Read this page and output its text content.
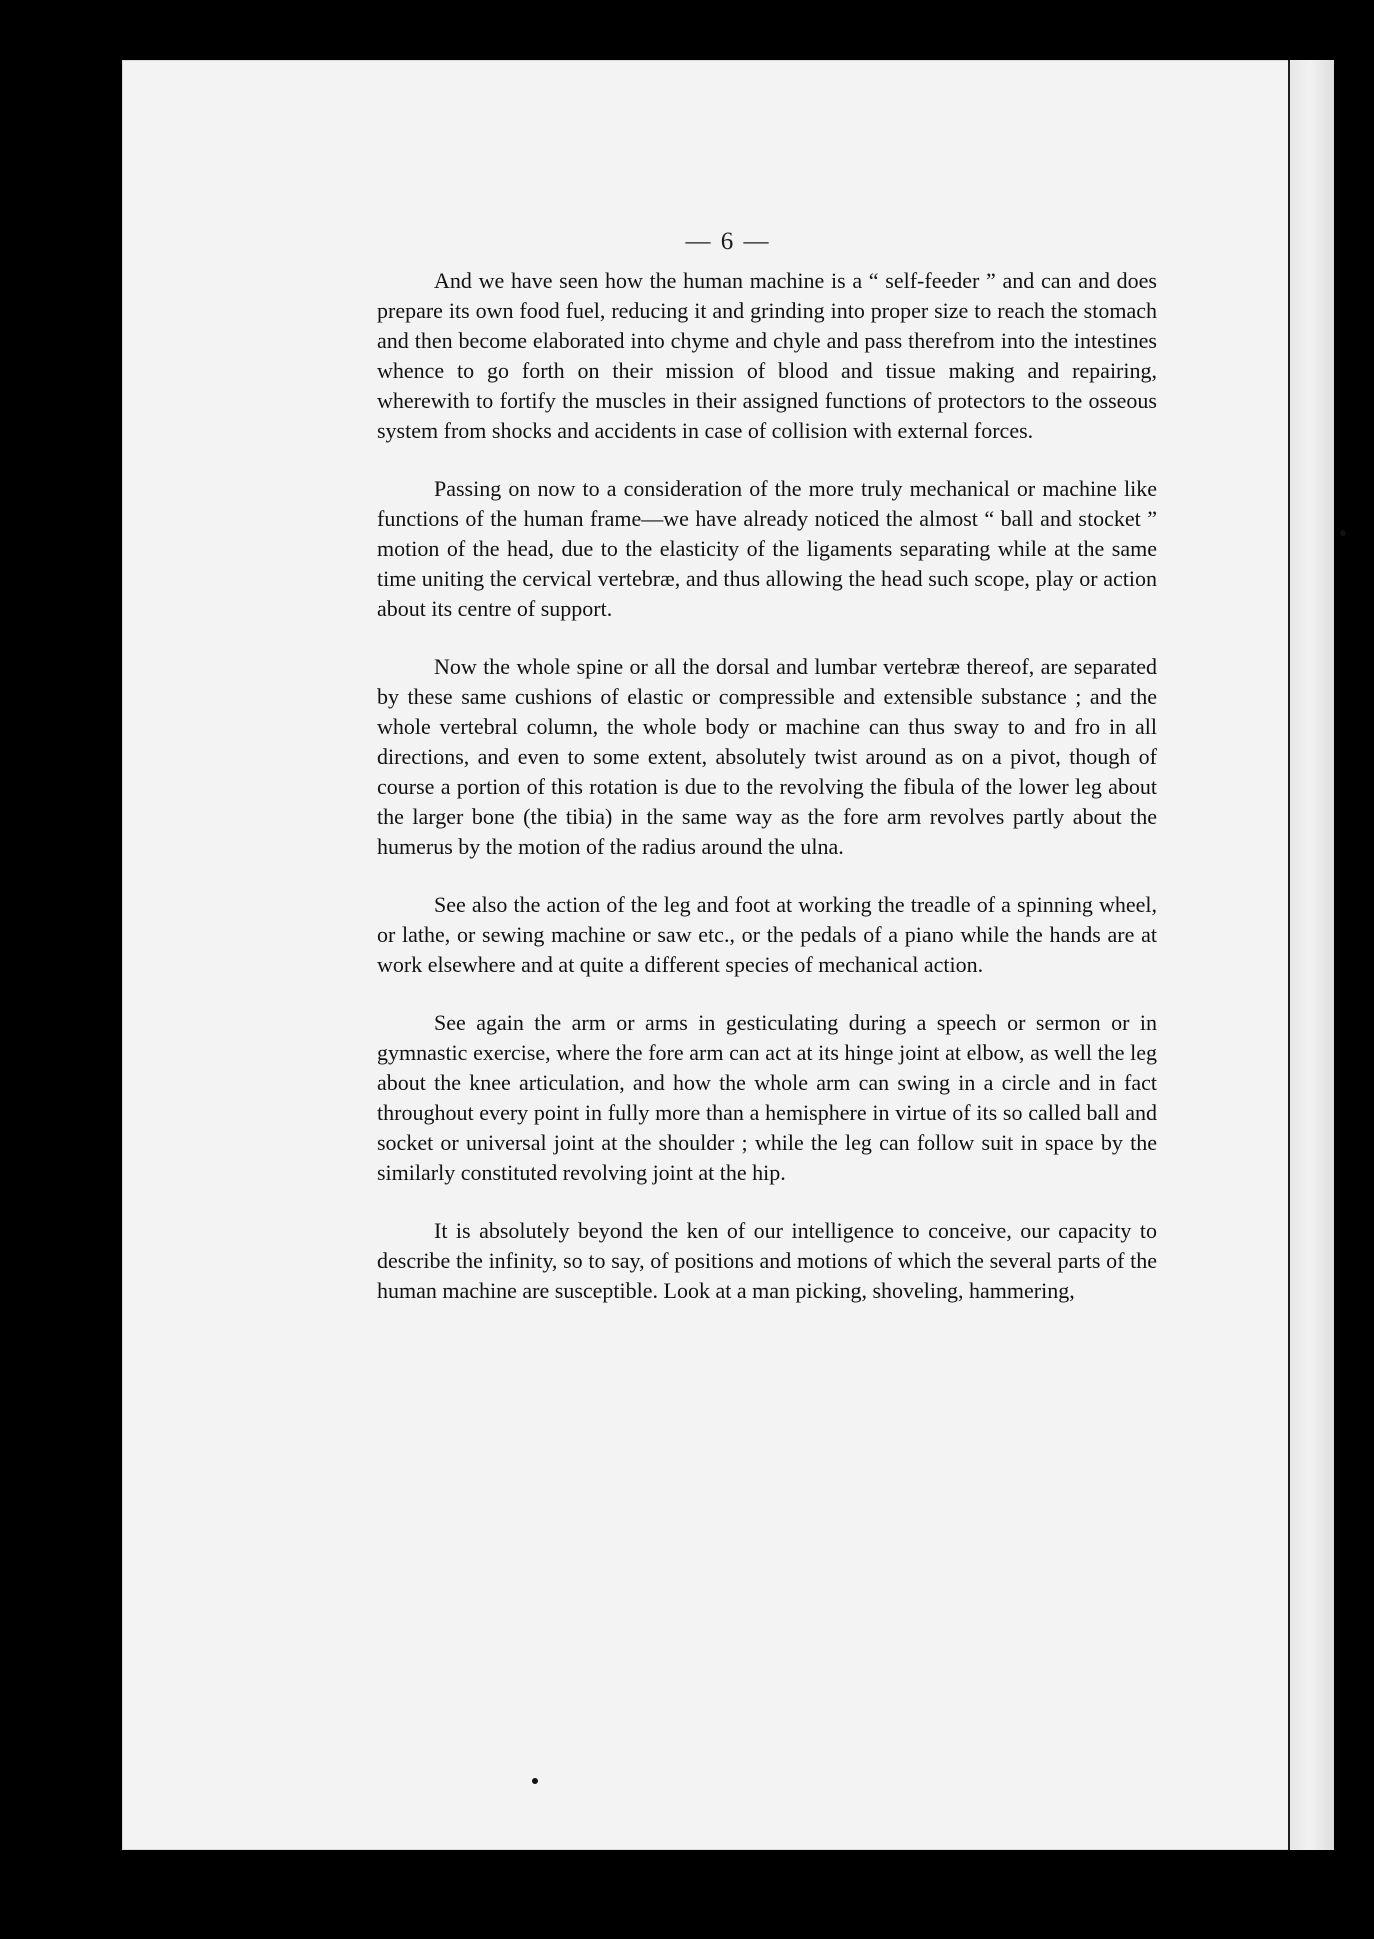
— 6 —

And we have seen how the human machine is a “ self-feeder ” and can and does prepare its own food fuel, reducing it and grinding into proper size to reach the stomach and then become elaborated into chyme and chyle and pass therefrom into the intestines whence to go forth on their mission of blood and tissue making and repairing, wherewith to fortify the muscles in their assigned functions of protectors to the osseous system from shocks and accidents in case of collision with external forces.

Passing on now to a consideration of the more truly mechanical or machine like functions of the human frame—we have already noticed the almost “ ball and stocket ” motion of the head, due to the elasticity of the ligaments separating while at the same time uniting the cervical vertebræ, and thus allowing the head such scope, play or action about its centre of support.

Now the whole spine or all the dorsal and lumbar vertebræ thereof, are separated by these same cushions of elastic or compressible and extensible substance ; and the whole vertebral column, the whole body or machine can thus sway to and fro in all directions, and even to some extent, absolutely twist around as on a pivot, though of course a portion of this rotation is due to the revolving the fibula of the lower leg about the larger bone (the tibia) in the same way as the fore arm revolves partly about the humerus by the motion of the radius around the ulna.

See also the action of the leg and foot at working the treadle of a spinning wheel, or lathe, or sewing machine or saw etc., or the pedals of a piano while the hands are at work elsewhere and at quite a different species of mechanical action.

See again the arm or arms in gesticulating during a speech or sermon or in gymnastic exercise, where the fore arm can act at its hinge joint at elbow, as well the leg about the knee articulation, and how the whole arm can swing in a circle and in fact throughout every point in fully more than a hemisphere in virtue of its so called ball and socket or universal joint at the shoulder ; while the leg can follow suit in space by the similarly constituted revolving joint at the hip.

It is absolutely beyond the ken of our intelligence to conceive, our capacity to describe the infinity, so to say, of positions and motions of which the several parts of the human machine are susceptible. Look at a man picking, shoveling, hammering,
